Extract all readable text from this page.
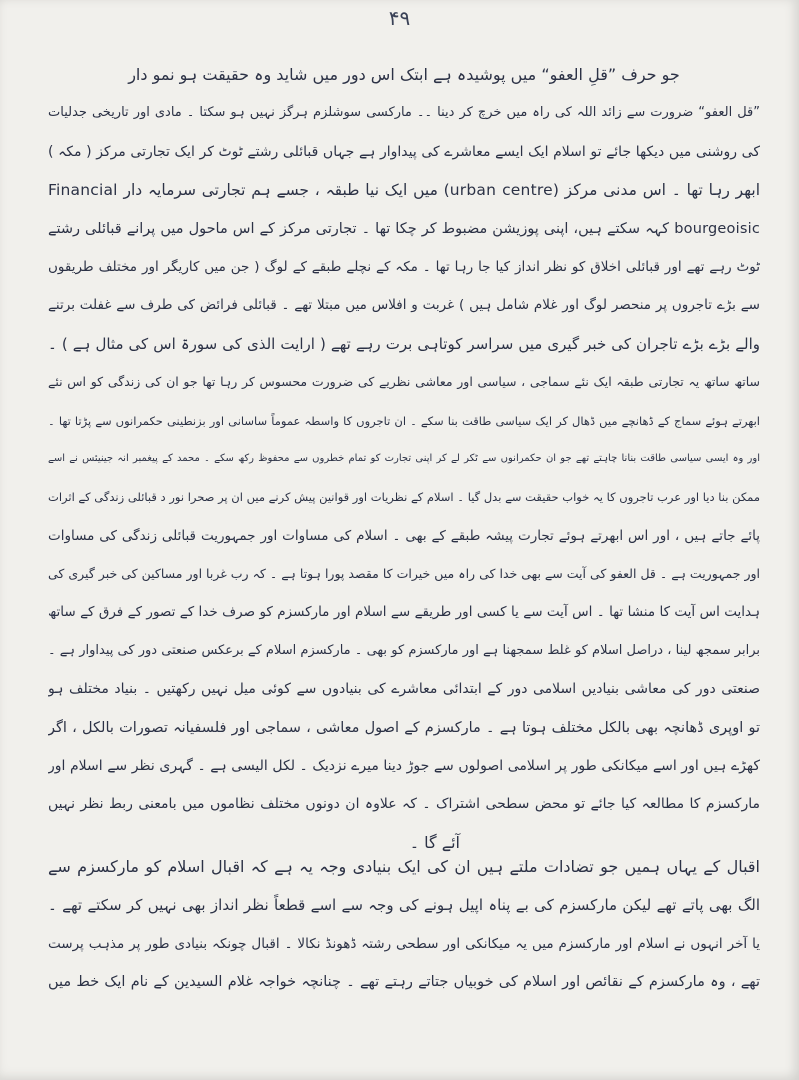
۴۹
جو حرف ”قلِ العفو“ میں پوشیدہ ہے ابتک اس دور میں شاید وہ حقیقت ہو نمو دار
”قل العفو“ ضرورت سے زائد اللہ کی راہ میں خرچ کر دینا ۔۔ مارکسی سوشلزم ہرگز نہیں ہو سکتا ۔ مادی اور تاریخی جدلیات
کی روشنی میں دیکھا جائے تو اسلام ایک ایسے معاشرے کی پیداوار ہے جہاں قبائلی رشتے ٹوٹ کر ایک تجارتی مرکز ( مکہ )
ابھر رہا تھا ۔ اس مدنی مرکز (urban centre) میں ایک نیا طبقہ ، جسے ہم تجارتی سرمایہ دار Financial
bourgeoisic کہہ سکتے ہیں، اپنی پوزیشن مضبوط کر چکا تھا ۔ تجارتی مرکز کے اس ماحول میں پرانے قبائلی رشتے
ٹوٹ رہے تھے اور قبائلی اخلاق کو نظر انداز کیا جا رہا تھا ۔ مکہ کے نچلے طبقے کے لوگ ( جن میں کاریگر اور مختلف طریقوں
سے بڑے تاجروں پر منحصر لوگ اور غلام شامل ہیں ) غربت و افلاس میں مبتلا تھے ۔ قبائلی فرائض کی طرف سے غفلت برتنے
والے بڑے بڑے تاجران کی خبر گیری میں سراسر کوتاہی برت رہے تھے ( ارایت الذی کی سورۃ اس کی مثال ہے ) ۔
ساتھ ساتھ یہ تجارتی طبقہ ایک نئے سماجی ، سیاسی اور معاشی نظریے کی ضرورت محسوس کر رہا تھا جو ان کی زندگی کو اس نئے
ابھرتے ہوئے سماج کے ڈھانچے میں ڈھال کر ایک سیاسی طاقت بنا سکے ۔ ان تاجروں کا واسطہ عموماً ساسانی اور بزنطینی حکمرانوں سے پڑتا تھا ۔
اور وہ ایسی سیاسی طاقت بنانا چاہتے تھے جو ان حکمرانوں سے ٹکر لے کر اپنی تجارت کو تمام خطروں سے محفوظ رکھ سکے ۔ محمد کے پیغمبر انہ جینیئس نے اسے
ممکن بنا دیا اور عرب تاجروں کا یہ خواب حقیقت سے بدل گیا ۔ اسلام کے نظریات اور قوانین پیش کرنے میں ان پر صحرا نور د قبائلی زندگی کے اثرات
پائے جاتے ہیں ، اور اس ابھرتے ہوئے تجارت پیشہ طبقے کے بھی ۔ اسلام کی مساوات اور جمہوریت قبائلی زندگی کی مساوات
اور جمہوریت ہے ۔ قل العفو کی آیت سے بھی خدا کی راہ میں خیرات کا مقصد پورا ہوتا ہے ۔ کہ رب غربا اور مساکین کی خبر گیری کی
ہدایت اس آیت کا منشا تھا ۔ اس آیت سے یا کسی اور طریقے سے اسلام اور مارکسزم کو صرف خدا کے تصور کے فرق کے ساتھ
برابر سمجھ لینا ، دراصل اسلام کو غلط سمجھنا ہے اور مارکسزم کو بھی ۔ مارکسزم اسلام کے برعکس صنعتی دور کی پیداوار ہے ۔
صنعتی دور کی معاشی بنیادیں اسلامی دور کے ابتدائی معاشرے کی بنیادوں سے کوئی میل نہیں رکھتیں ۔ بنیاد مختلف ہو
تو اوپری ڈھانچہ بھی بالکل مختلف ہوتا ہے ۔ مارکسزم کے اصول معاشی ، سماجی اور فلسفیانہ تصورات بالکل ، اگر
کھڑے ہیں اور اسے میکانکی طور پر اسلامی اصولوں سے جوڑ دینا میرے نزدیک ۔ لکل الیسی ہے ۔ گہری نظر سے اسلام اور
مارکسزم کا مطالعہ کیا جائے تو محض سطحی اشتراک ۔ کہ علاوہ ان دونوں مختلف نظاموں میں بامعنی ربط نظر نہیں
آئے گا ۔
اقبال کے یہاں ہمیں جو تضادات ملتے ہیں ان کی ایک بنیادی وجہ یہ ہے کہ اقبال اسلام کو مارکسزم سے
الگ بھی پاتے تھے لیکن مارکسزم کی بے پناہ اپیل ہونے کی وجہ سے اسے قطعاً نظر انداز بھی نہیں کر سکتے تھے ۔
یا آخر انہوں نے اسلام اور مارکسزم میں یہ میکانکی اور سطحی رشتہ ڈھونڈ نکالا ۔ اقبال چونکہ بنیادی طور پر مذہب پرست
تھے ، وہ مارکسزم کے نقائص اور اسلام کی خوبیاں جتاتے رہتے تھے ۔ چنانچہ خواجہ غلام السیدین کے نام ایک خط میں
